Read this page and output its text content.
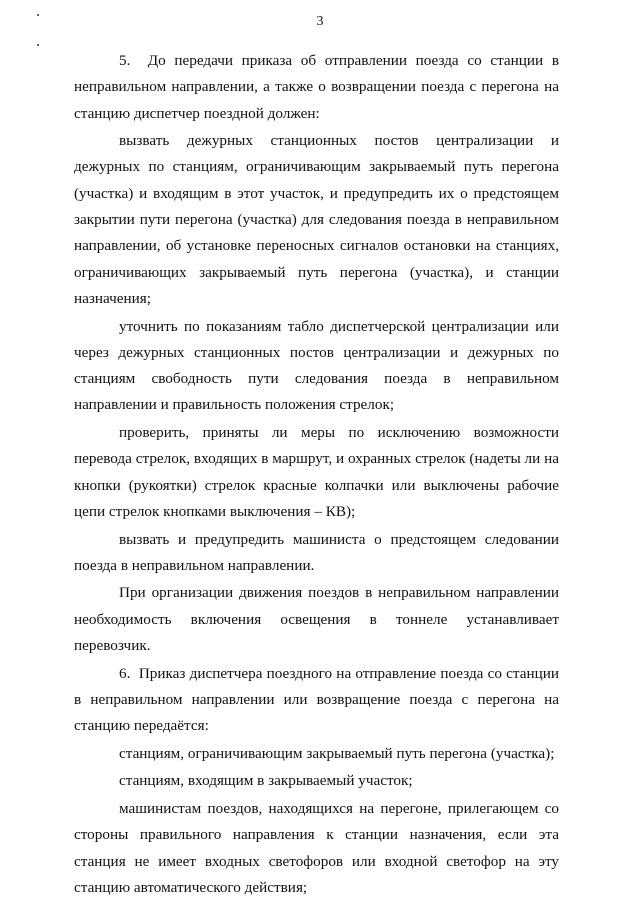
3

5.  До передачи приказа об отправлении поезда со станции в неправильном направлении, а также о возвращении поезда с перегона на станцию диспетчер поездной должен:

вызвать дежурных станционных постов централизации и дежурных по станциям, ограничивающим закрываемый путь перегона (участка) и входящим в этот участок, и предупредить их о предстоящем закрытии пути перегона (участка) для следования поезда в неправильном направлении, об установке переносных сигналов остановки на станциях, ограничивающих закрываемый путь перегона (участка), и станции назначения;

уточнить по показаниям табло диспетчерской централизации или через дежурных станционных постов централизации и дежурных по станциям свободность пути следования поезда в неправильном направлении и правильность положения стрелок;

проверить, приняты ли меры по исключению возможности перевода стрелок, входящих в маршрут, и охранных стрелок (надеты ли на кнопки (рукоятки) стрелок красные колпачки или выключены рабочие цепи стрелок кнопками выключения – КВ);

вызвать и предупредить машиниста о предстоящем следовании поезда в неправильном направлении.

При организации движения поездов в неправильном направлении необходимость включения освещения в тоннеле устанавливает перевозчик.

6.  Приказ диспетчера поездного на отправление поезда со станции в неправильном направлении или возвращение поезда с перегона на станцию передаётся:

станциям, ограничивающим закрываемый путь перегона (участка);

станциям, входящим в закрываемый участок;

машинистам поездов, находящихся на перегоне, прилегающем со стороны правильного направления к станции назначения, если эта станция не имеет входных светофоров или входной светофор на эту станцию автоматического действия;
